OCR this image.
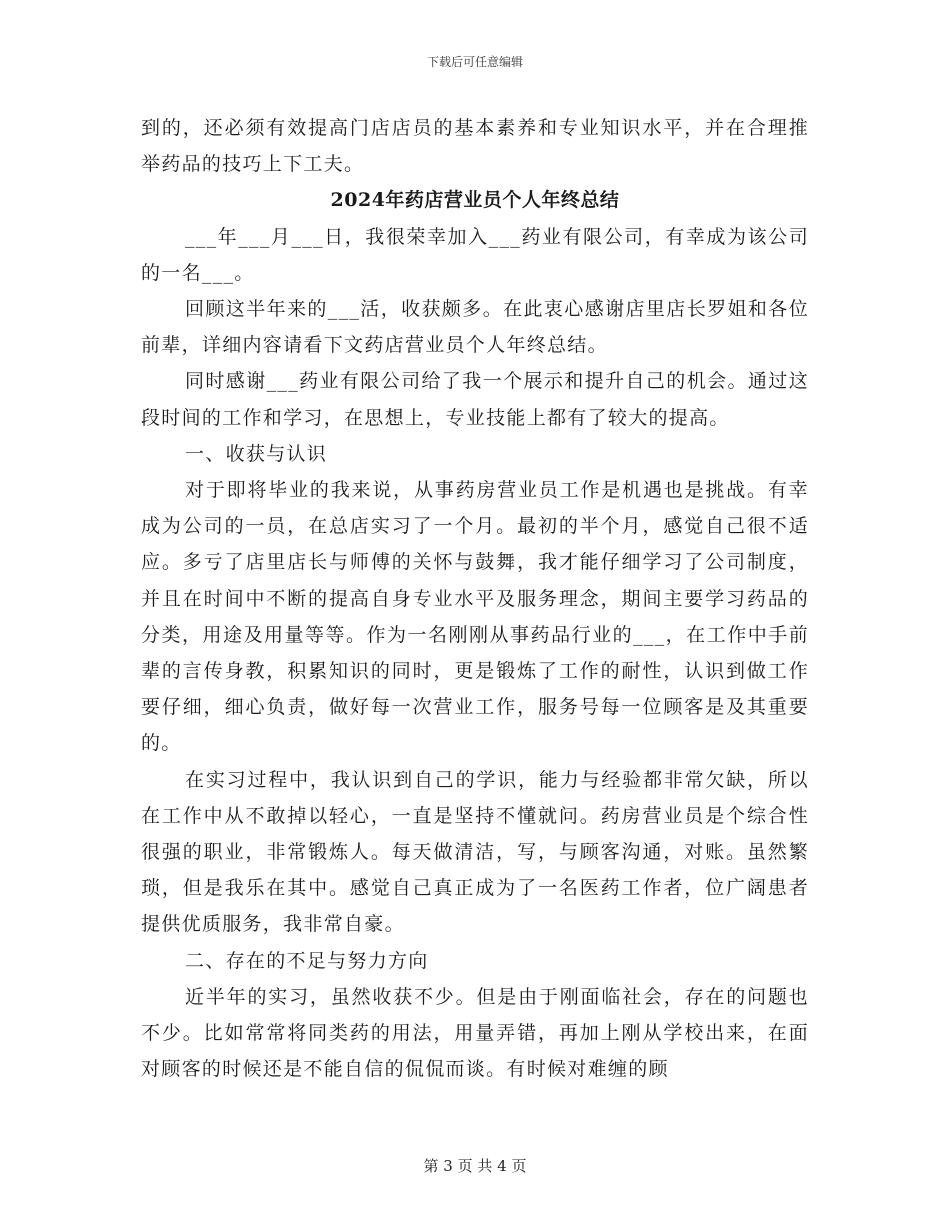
下载后可任意编辑

到的，还必须有效提高门店店员的基本素养和专业知识水平，并在合理推举药品的技巧上下工夫。

2024年药店营业员个人年终总结

___年___月___日，我很荣幸加入___药业有限公司，有幸成为该公司的一名___。

回顾这半年来的___活，收获颇多。在此衷心感谢店里店长罗姐和各位前辈，详细内容请看下文药店营业员个人年终总结。

同时感谢___药业有限公司给了我一个展示和提升自己的机会。通过这段时间的工作和学习，在思想上，专业技能上都有了较大的提高。

一、收获与认识

对于即将毕业的我来说，从事药房营业员工作是机遇也是挑战。有幸成为公司的一员，在总店实习了一个月。最初的半个月，感觉自己很不适应。多亏了店里店长与师傅的关怀与鼓舞，我才能仔细学习了公司制度，并且在时间中不断的提高自身专业水平及服务理念，期间主要学习药品的分类，用途及用量等等。作为一名刚刚从事药品行业的___，在工作中手前辈的言传身教，积累知识的同时，更是锻炼了工作的耐性，认识到做工作要仔细，细心负责，做好每一次营业工作，服务号每一位顾客是及其重要的。

在实习过程中，我认识到自己的学识，能力与经验都非常欠缺，所以在工作中从不敢掉以轻心，一直是坚持不懂就问。药房营业员是个综合性很强的职业，非常锻炼人。每天做清洁，写，与顾客沟通，对账。虽然繁琐，但是我乐在其中。感觉自己真正成为了一名医药工作者，位广阔患者提供优质服务，我非常自豪。

二、存在的不足与努力方向

近半年的实习，虽然收获不少。但是由于刚面临社会，存在的问题也不少。比如常常将同类药的用法，用量弄错，再加上刚从学校出来，在面对顾客的时候还是不能自信的侃侃而谈。有时候对难缠的顾

第 3 页 共 4 页
